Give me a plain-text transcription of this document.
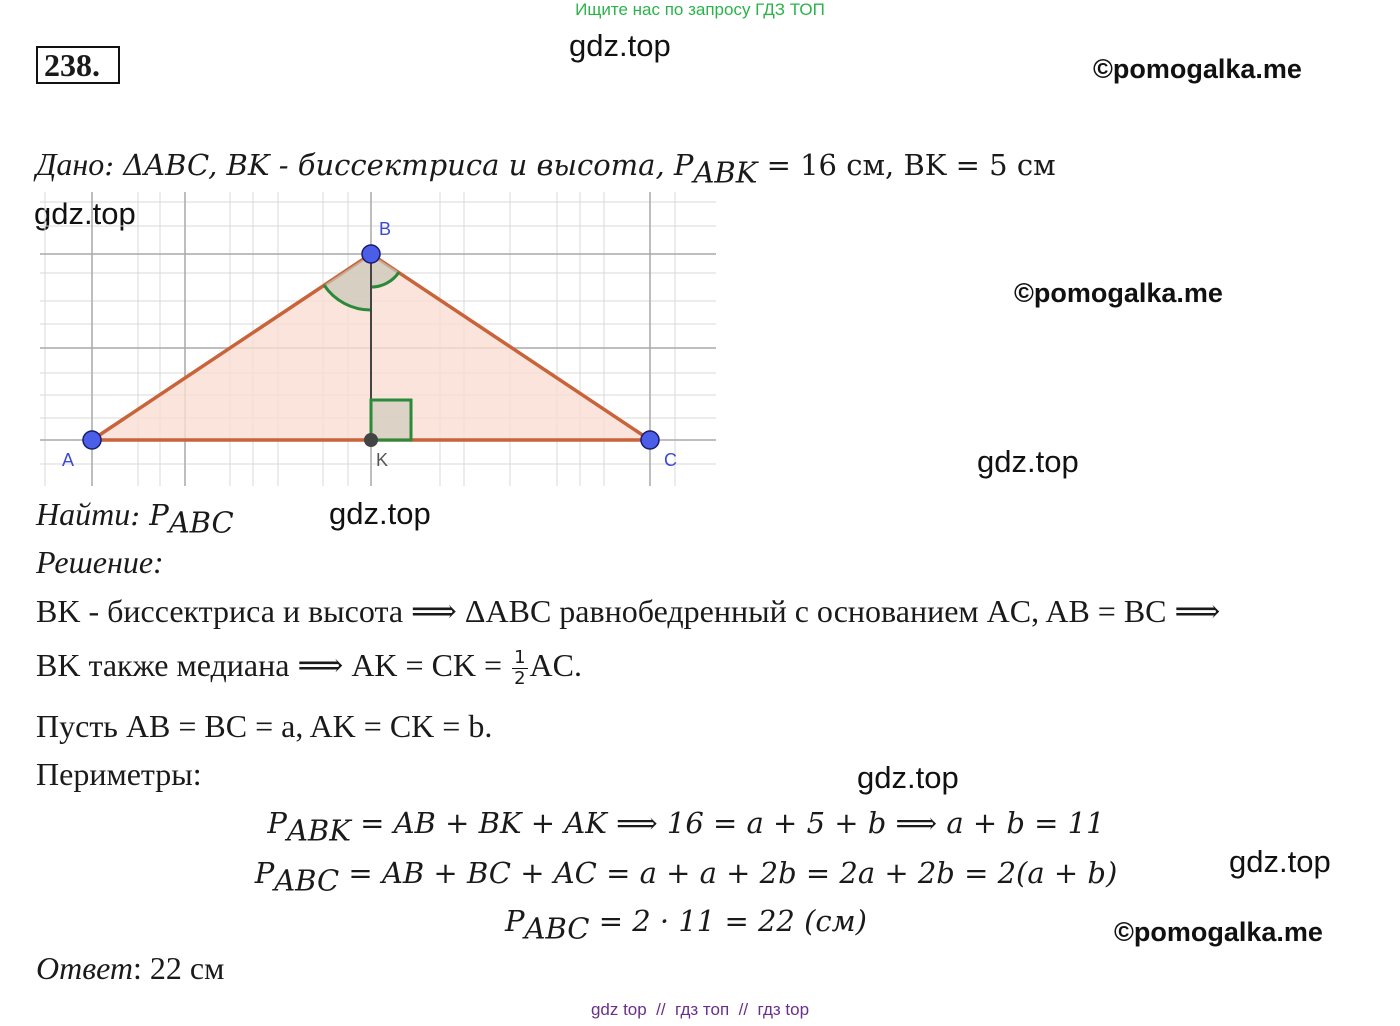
Ищите нас по запросу ГДЗ ТОП
238.
gdz.top
©pomogalka.me
Дано: ΔABC, BK - биссектриса и высота, $P_{ABK} = 16$ см, BK = 5 см
gdz.top
A
B
C
K
©pomogalka.me
gdz.top
Найти: $P_{ABC}$	gdz.top
Решение:
BK - биссектриса и высота ⟹ ΔABC равнобедренный с основанием AC, AB = BC ⟹
BK также медиана ⟹ AK = CK = $\frac{1}{2}$ AC.
Пусть AB = BC = a, AK = CK = b.
Периметры:	gdz.top
$P_{ABK}$ = AB + BK + AK ⟹ 16 = a + 5 + b ⟹ a + b = 11
$P_{ABC}$ = AB + BC + AC = a + a + 2b = 2a + 2b = 2(a + b)	gdz.top
$P_{ABC} = 2 \cdot 11 = 22$ (см)	©pomogalka.me
Ответ: 22 см
gdz top  //  гдз топ  //  гдз top
